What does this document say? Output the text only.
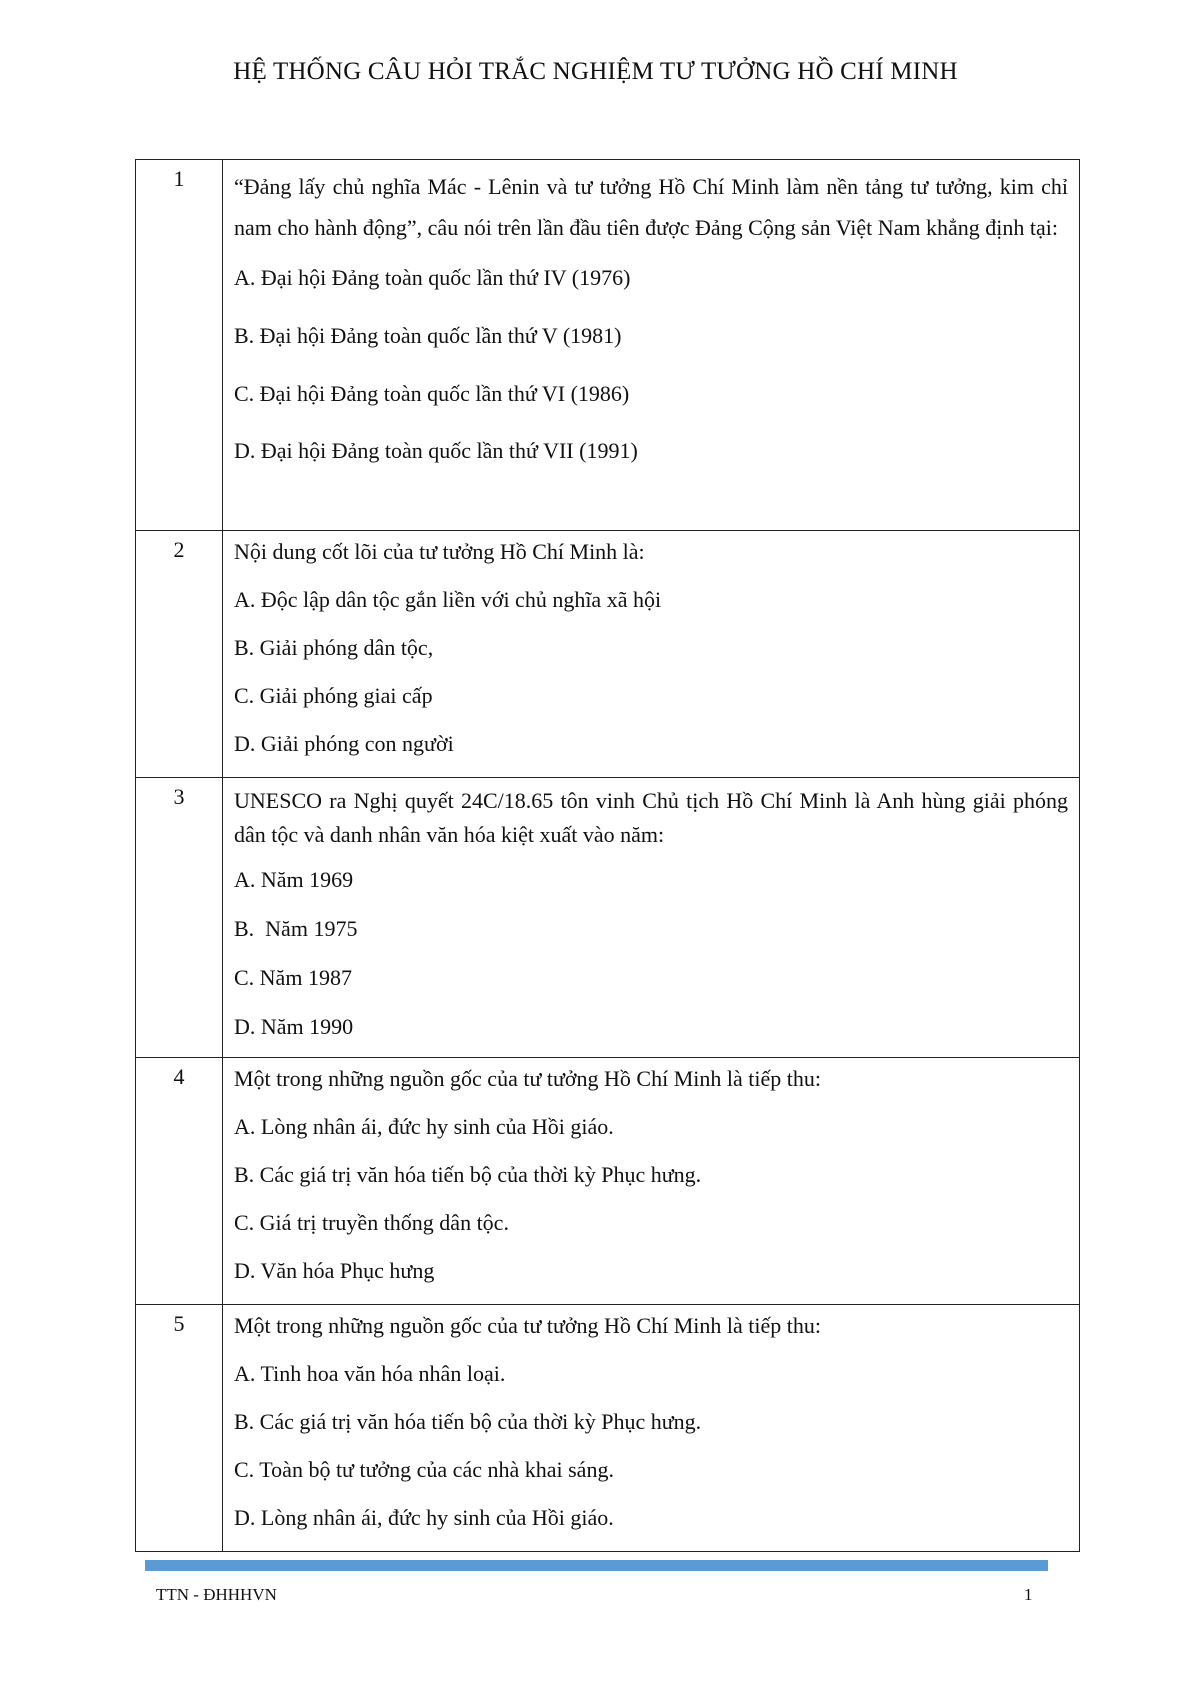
HỆ THỐNG CÂU HỎI TRẮC NGHIỆM TƯ TƯỞNG HỒ CHÍ MINH
1	“Đảng lấy chủ nghĩa Mác - Lênin và tư tưởng Hồ Chí Minh làm nền tảng tư tưởng, kim chỉ nam cho hành động”, câu nói trên lần đầu tiên được Đảng Cộng sản Việt Nam khẳng định tại:
A. Đại hội Đảng toàn quốc lần thứ IV (1976)
B. Đại hội Đảng toàn quốc lần thứ V (1981)
C. Đại hội Đảng toàn quốc lần thứ VI (1986)
D. Đại hội Đảng toàn quốc lần thứ VII (1991)

2	Nội dung cốt lõi của tư tưởng Hồ Chí Minh là:
A. Độc lập dân tộc gắn liền với chủ nghĩa xã hội
B. Giải phóng dân tộc,
C. Giải phóng giai cấp
D. Giải phóng con người

3	UNESCO ra Nghị quyết 24C/18.65 tôn vinh Chủ tịch Hồ Chí Minh là Anh hùng giải phóng dân tộc và danh nhân văn hóa kiệt xuất vào năm:
A. Năm 1969
B.  Năm 1975
C. Năm 1987
D. Năm 1990

4	Một trong những nguồn gốc của tư tưởng Hồ Chí Minh là tiếp thu:
A. Lòng nhân ái, đức hy sinh của Hồi giáo.
B. Các giá trị văn hóa tiến bộ của thời kỳ Phục hưng.
C. Giá trị truyền thống dân tộc.
D. Văn hóa Phục hưng

5	Một trong những nguồn gốc của tư tưởng Hồ Chí Minh là tiếp thu:
A. Tinh hoa văn hóa nhân loại.
B. Các giá trị văn hóa tiến bộ của thời kỳ Phục hưng.
C. Toàn bộ tư tưởng của các nhà khai sáng.
D. Lòng nhân ái, đức hy sinh của Hồi giáo.
TTN - ĐHHHVN	1
